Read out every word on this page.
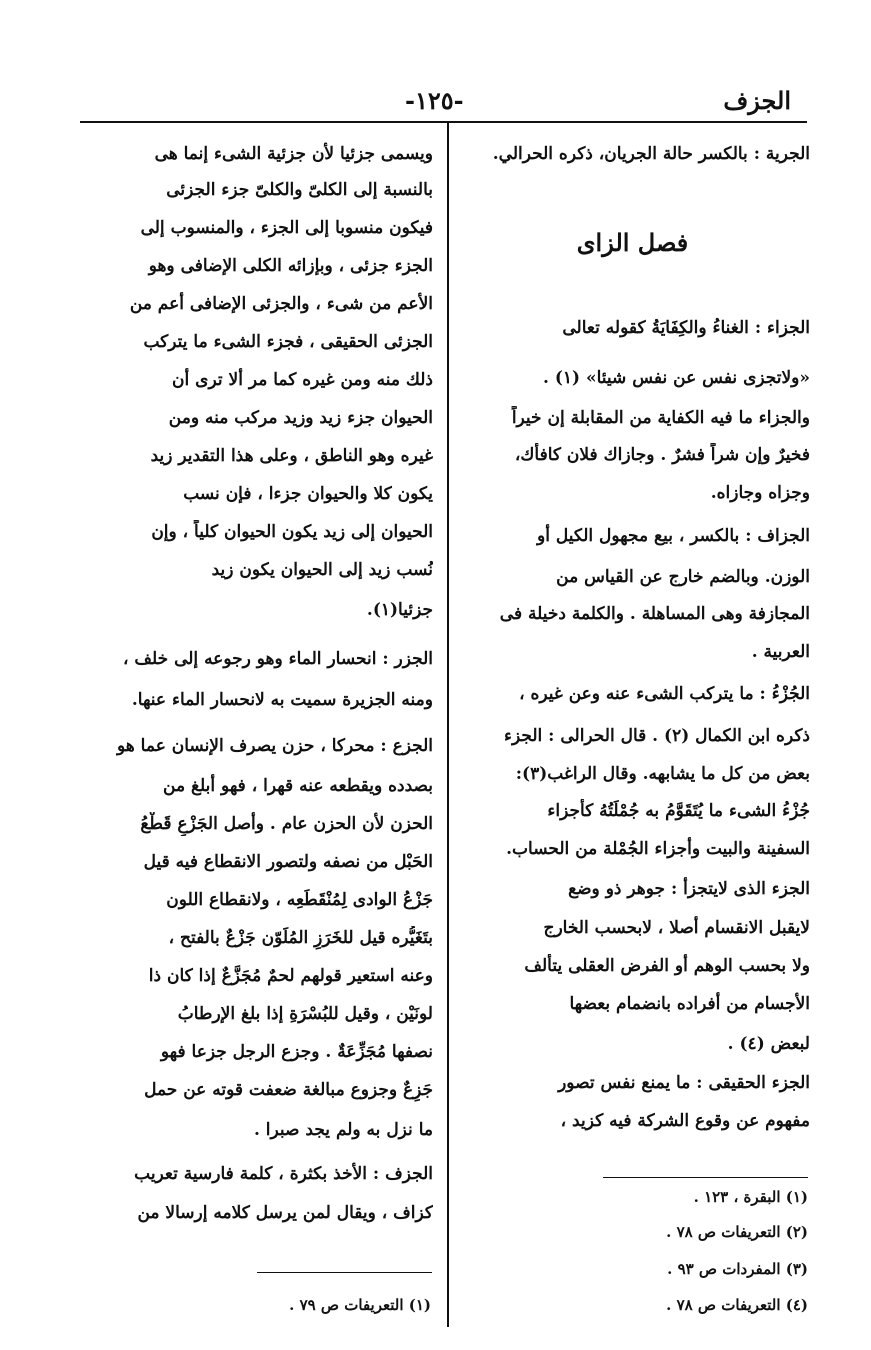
الجزف
-١٢٥-
الجرية : بالكسر حالة الجريان، ذكره الحرالي.
فصل الزاى
الجزاء : الغناءُ والكِفَايَةُ كقوله تعالى
«ولاتجزى نفس عن نفس شيئا» (١) .
والجزاء ما فيه الكفاية من المقابلة إن خيراً
فخيرٌ وإن شراً فشرٌ . وجازاك فلان كافأك،
وجزاه وجازاه.
الجزاف : بالكسر ، بيع مجهول الكيل أو
الوزن. وبالضم خارج عن القياس من
المجازفة وهى المساهلة . والكلمة دخيلة فى
العربية .
الجُزْءُ : ما يتركب الشىء عنه وعن غيره ،
ذكره ابن الكمال (٢) . قال الحرالى : الجزء
بعض من كل ما يشابهه. وقال الراغب(٣):
جُزْءُ الشىء ما يُتَقَوَّمُ به جُمْلَتُهُ كأجزاء
السفينة والبيت وأجزاء الجُمْلة من الحساب.
الجزء الذى لايتجزأ : جوهر ذو وضع
لايقبل الانقسام أصلا ، لابحسب الخارج
ولا بحسب الوهم أو الفرض العقلى يتألف
الأجسام من أفراده بانضمام بعضها
لبعض (٤) .
الجزء الحقيقى : ما يمنع نفس تصور
مفهوم عن وقوع الشركة فيه كزيد ،
(١) البقرة ، ١٢٣ .
(٢) التعريفات ص ٧٨ .
(٣) المفردات ص ٩٣ .
(٤) التعريفات ص ٧٨ .
ويسمى جزئيا لأن جزئية الشىء إنما هى
بالنسبة إلى الكلىّ والكلىّ جزء الجزئى
فيكون منسوبا إلى الجزء ، والمنسوب إلى
الجزء جزئى ، وبإزائه الكلى الإضافى وهو
الأعم من شىء ، والجزئى الإضافى أعم من
الجزئى الحقيقى ، فجزء الشىء ما يتركب
ذلك منه ومن غيره كما مر ألا ترى أن
الحيوان جزء زيد وزيد مركب منه ومن
غيره وهو الناطق ، وعلى هذا التقدير زيد
يكون كلا والحيوان جزءا ، فإن نسب
الحيوان إلى زيد يكون الحيوان كلياً ، وإن
نُسب زيد إلى الحيوان يكون زيد
جزئيا(١).
الجزر : انحسار الماء وهو رجوعه إلى خلف ،
ومنه الجزيرة سميت به لانحسار الماء عنها.
الجزع : محركا ، حزن يصرف الإنسان عما هو
بصدده ويقطعه عنه قهرا ، فهو أبلغ من
الحزن لأن الحزن عام . وأصل الجَزْعِ قَطْعُ
الحَبْل من نصفه ولتصور الانقطاع فيه قيل
جَزْعُ الوادى لِمُنْقَطَعِه ، ولانقطاع اللون
بتَغَيُّره قيل للخَرَزِ المُلَوّن جَزْعٌ بالفتح ،
وعنه استعير قولهم لحمٌ مُجَزَّعٌ إذا كان ذا
لونَيْن ، وقيل للبُسْرَةِ إذا بلغ الإرطابُ
نصفها مُجَزِّعَةٌ . وجزع الرجل جزعا فهو
جَزِعٌ وجزوع مبالغة ضعفت قوته عن حمل
ما نزل به ولم يجد صبرا .
الجزف : الأخذ بكثرة ، كلمة فارسية تعريب
كزاف ، ويقال لمن يرسل كلامه إرسالا من
(١) التعريفات ص ٧٩ .
